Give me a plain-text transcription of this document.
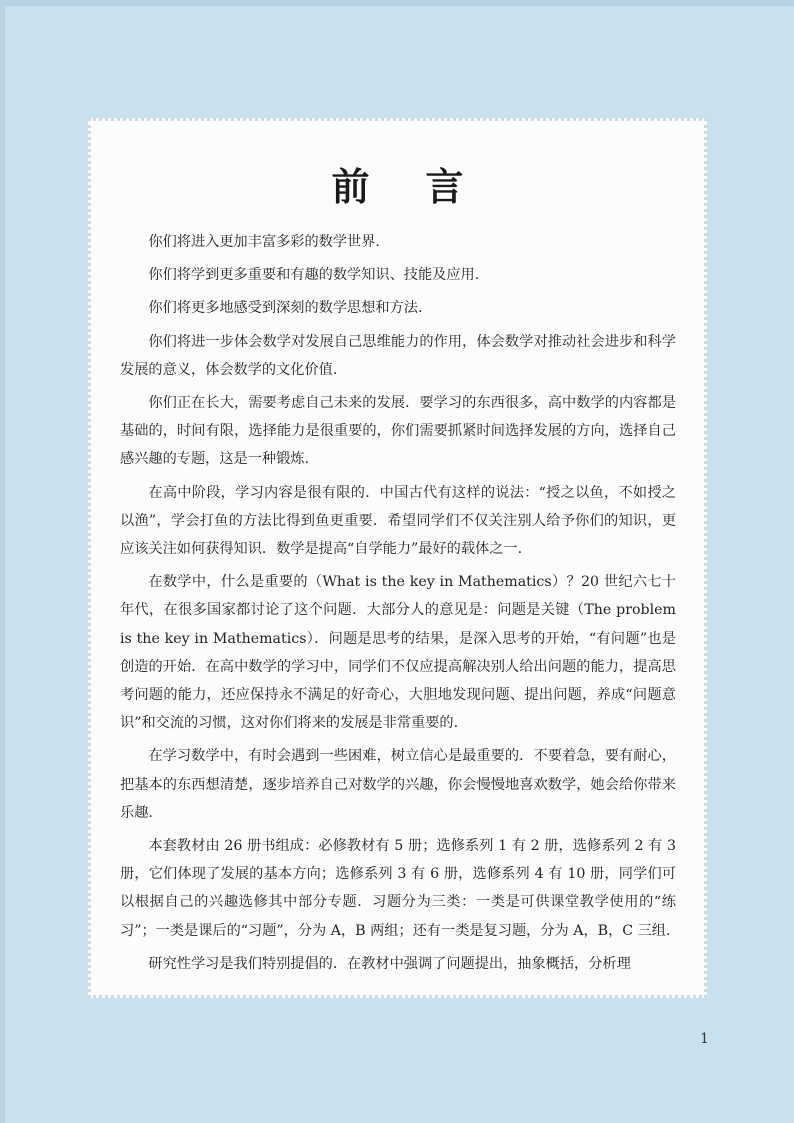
前言

你们将进入更加丰富多彩的数学世界.

你们将学到更多重要和有趣的数学知识、技能及应用.

你们将更多地感受到深刻的数学思想和方法.

你们将进一步体会数学对发展自己思维能力的作用，体会数学对推动社会进步和科学发展的意义，体会数学的文化价值.

你们正在长大，需要考虑自己未来的发展．要学习的东西很多，高中数学的内容都是基础的，时间有限，选择能力是很重要的，你们需要抓紧时间选择发展的方向，选择自己感兴趣的专题，这是一种锻炼.

在高中阶段，学习内容是很有限的．中国古代有这样的说法：“授之以鱼，不如授之以渔”，学会打鱼的方法比得到鱼更重要．希望同学们不仅关注别人给予你们的知识，更应该关注如何获得知识．数学是提高“自学能力”最好的载体之一.

在数学中，什么是重要的（What is the key in Mathematics）？20 世纪六七十年代，在很多国家都讨论了这个问题．大部分人的意见是：问题是关键（The problem is the key in Mathematics）．问题是思考的结果，是深入思考的开始，“有问题”也是创造的开始．在高中数学的学习中，同学们不仅应提高解决别人给出问题的能力，提高思考问题的能力，还应保持永不满足的好奇心，大胆地发现问题、提出问题，养成“问题意识”和交流的习惯，这对你们将来的发展是非常重要的.

在学习数学中，有时会遇到一些困难，树立信心是最重要的．不要着急，要有耐心，把基本的东西想清楚，逐步培养自己对数学的兴趣，你会慢慢地喜欢数学，她会给你带来乐趣.

本套教材由 26 册书组成：必修教材有 5 册；选修系列 1 有 2 册，选修系列 2 有 3 册，它们体现了发展的基本方向；选修系列 3 有 6 册，选修系列 4 有 10 册，同学们可以根据自己的兴趣选修其中部分专题．习题分为三类：一类是可供课堂教学使用的“练习”；一类是课后的“习题”，分为 A，B 两组；还有一类是复习题，分为 A，B，C 三组.

研究性学习是我们特别提倡的．在教材中强调了问题提出，抽象概括，分析理

1
